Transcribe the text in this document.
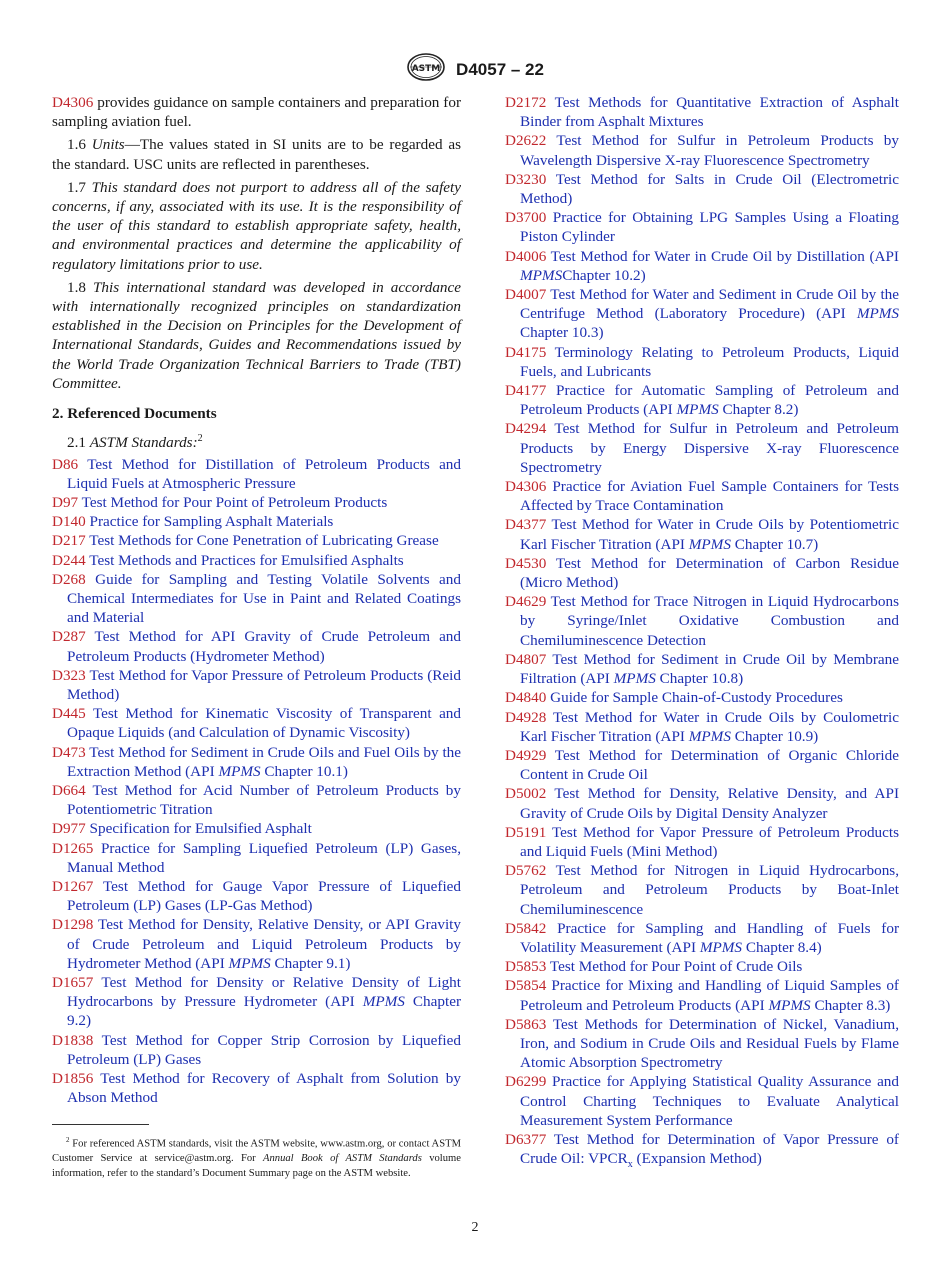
ASTM D4057 – 22

D4306 provides guidance on sample containers and preparation for sampling aviation fuel.

1.6 Units—The values stated in SI units are to be regarded as the standard. USC units are reflected in parentheses.

1.7 This standard does not purport to address all of the safety concerns, if any, associated with its use. It is the responsibility of the user of this standard to establish appropriate safety, health, and environmental practices and determine the applicability of regulatory limitations prior to use.

1.8 This international standard was developed in accordance with internationally recognized principles on standardization established in the Decision on Principles for the Development of International Standards, Guides and Recommendations issued by the World Trade Organization Technical Barriers to Trade (TBT) Committee.

2. Referenced Documents
2.1 ASTM Standards:$^2$

D86 Test Method for Distillation of Petroleum Products and Liquid Fuels at Atmospheric Pressure

D97 Test Method for Pour Point of Petroleum Products

D140 Practice for Sampling Asphalt Materials

D217 Test Methods for Cone Penetration of Lubricating Grease

D244 Test Methods and Practices for Emulsified Asphalts

D268 Guide for Sampling and Testing Volatile Solvents and Chemical Intermediates for Use in Paint and Related Coatings and Material

D287 Test Method for API Gravity of Crude Petroleum and Petroleum Products (Hydrometer Method)

D323 Test Method for Vapor Pressure of Petroleum Products (Reid Method)

D445 Test Method for Kinematic Viscosity of Transparent and Opaque Liquids (and Calculation of Dynamic Viscosity)

D473 Test Method for Sediment in Crude Oils and Fuel Oils by the Extraction Method (API MPMS Chapter 10.1)

D664 Test Method for Acid Number of Petroleum Products by Potentiometric Titration

D977 Specification for Emulsified Asphalt

D1265 Practice for Sampling Liquefied Petroleum (LP) Gases, Manual Method

D1267 Test Method for Gauge Vapor Pressure of Liquefied Petroleum (LP) Gases (LP-Gas Method)

D1298 Test Method for Density, Relative Density, or API Gravity of Crude Petroleum and Liquid Petroleum Products by Hydrometer Method (API MPMS Chapter 9.1)

D1657 Test Method for Density or Relative Density of Light Hydrocarbons by Pressure Hydrometer (API MPMS Chapter 9.2)

D1838 Test Method for Copper Strip Corrosion by Liquefied Petroleum (LP) Gases

D1856 Test Method for Recovery of Asphalt from Solution by Abson Method

D2172 Test Methods for Quantitative Extraction of Asphalt Binder from Asphalt Mixtures

D2622 Test Method for Sulfur in Petroleum Products by Wavelength Dispersive X-ray Fluorescence Spectrometry

D3230 Test Method for Salts in Crude Oil (Electrometric Method)

D3700 Practice for Obtaining LPG Samples Using a Floating Piston Cylinder

D4006 Test Method for Water in Crude Oil by Distillation (API MPMSChapter 10.2)

D4007 Test Method for Water and Sediment in Crude Oil by the Centrifuge Method (Laboratory Procedure) (API MPMS Chapter 10.3)

D4175 Terminology Relating to Petroleum Products, Liquid Fuels, and Lubricants

D4177 Practice for Automatic Sampling of Petroleum and Petroleum Products (API MPMS Chapter 8.2)

D4294 Test Method for Sulfur in Petroleum and Petroleum Products by Energy Dispersive X-ray Fluorescence Spectrometry

D4306 Practice for Aviation Fuel Sample Containers for Tests Affected by Trace Contamination

D4377 Test Method for Water in Crude Oils by Potentiometric Karl Fischer Titration (API MPMS Chapter 10.7)

D4530 Test Method for Determination of Carbon Residue (Micro Method)

D4629 Test Method for Trace Nitrogen in Liquid Hydrocarbons by Syringe/Inlet Oxidative Combustion and Chemiluminescence Detection

D4807 Test Method for Sediment in Crude Oil by Membrane Filtration (API MPMS Chapter 10.8)

D4840 Guide for Sample Chain-of-Custody Procedures

D4928 Test Method for Water in Crude Oils by Coulometric Karl Fischer Titration (API MPMS Chapter 10.9)

D4929 Test Method for Determination of Organic Chloride Content in Crude Oil

D5002 Test Method for Density, Relative Density, and API Gravity of Crude Oils by Digital Density Analyzer

D5191 Test Method for Vapor Pressure of Petroleum Products and Liquid Fuels (Mini Method)

D5762 Test Method for Nitrogen in Liquid Hydrocarbons, Petroleum and Petroleum Products by Boat-Inlet Chemiluminescence

D5842 Practice for Sampling and Handling of Fuels for Volatility Measurement (API MPMS Chapter 8.4)

D5853 Test Method for Pour Point of Crude Oils

D5854 Practice for Mixing and Handling of Liquid Samples of Petroleum and Petroleum Products (API MPMS Chapter 8.3)

D5863 Test Methods for Determination of Nickel, Vanadium, Iron, and Sodium in Crude Oils and Residual Fuels by Flame Atomic Absorption Spectrometry

D6299 Practice for Applying Statistical Quality Assurance and Control Charting Techniques to Evaluate Analytical Measurement System Performance

D6377 Test Method for Determination of Vapor Pressure of Crude Oil: $VPCR_x$ (Expansion Method)

$^2$ For referenced ASTM standards, visit the ASTM website, www.astm.org, or contact ASTM Customer Service at service@astm.org. For Annual Book of ASTM Standards volume information, refer to the standard’s Document Summary page on the ASTM website.
2
